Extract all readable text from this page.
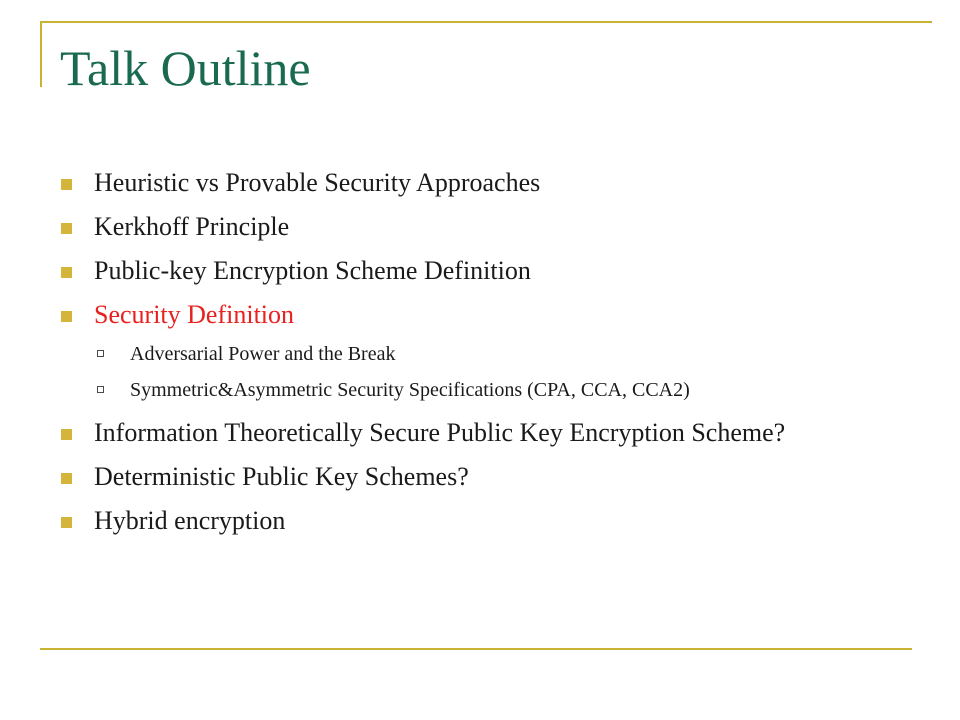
Talk Outline
Heuristic vs Provable Security Approaches
Kerkhoff Principle
Public-key Encryption Scheme Definition
Security Definition
Adversarial Power and the Break
Symmetric&Asymmetric Security Specifications (CPA, CCA, CCA2)
Information Theoretically Secure Public Key Encryption Scheme?
Deterministic Public Key Schemes?
Hybrid encryption
